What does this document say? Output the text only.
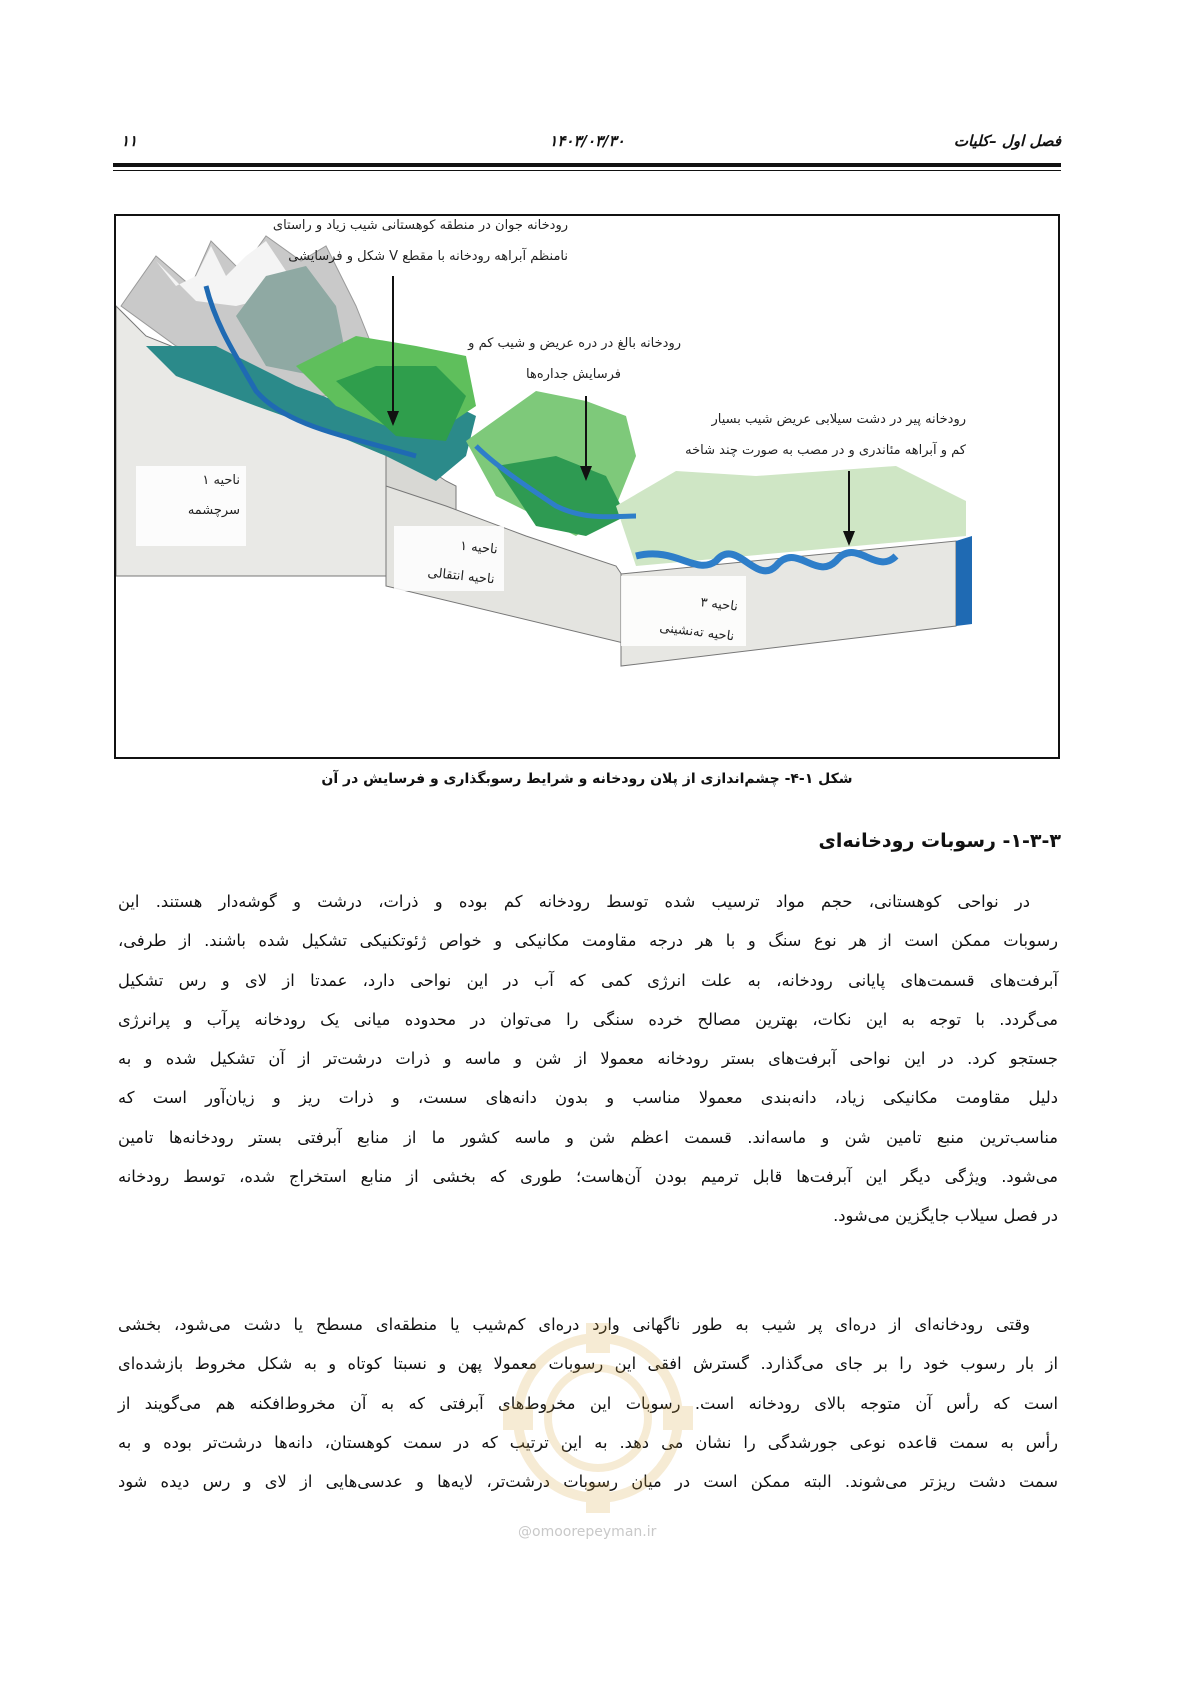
فصل اول –کلیات
۱۴۰۳/۰۳/۳۰
۱۱
رودخانه جوان در منطقه کوهستانی شیب زیاد و راستای
نامنظم آبراهه رودخانه با مقطع V شکل و فرسایشی
رودخانه بالغ در دره عریض و شیب کم و
فرسایش جداره‌ها
رودخانه پیر در دشت سیلابی عریض شیب بسیار
کم و آبراهه مئاندری و در مصب به صورت چند شاخه
ناحیه ۱
سرچشمه
ناحیه ۱
ناحیه انتقالی
ناحیه ۳
ناحیه ته‌نشینی
شکل ۱-۴- چشم‌اندازی از پلان رودخانه و شرایط رسوبگذاری و فرسایش در آن
۱-۳-۳- رسوبات رودخانه‌ای
در نواحی کوهستانی، حجم مواد ترسیب شده توسط رودخانه کم بوده و ذرات، درشت و گوشه‌دار هستند. این
رسوبات ممکن است از هر نوع سنگ و با هر درجه مقاومت مکانیکی و خواص ژئوتکنیکی تشکیل شده باشند. از طرفی،
آبرفت‌های قسمت‌های پایانی رودخانه، به علت انرژی کمی که آب در این نواحی دارد، عمدتا از لای و رس تشکیل
می‌گردد. با توجه به این نکات، بهترین مصالح خرده سنگی را می‌توان در محدوده میانی یک رودخانه پرآب و پرانرژی
جستجو کرد. در این نواحی آبرفت‌های بستر رودخانه معمولا از شن و ماسه و ذرات درشت‌تر از آن تشکیل شده و به
دلیل مقاومت مکانیکی زیاد، دانه‌بندی معمولا مناسب و بدون دانه‌های سست، و ذرات ریز و زیان‌آور است که
مناسب‌ترین منبع تامین شن و ماسه‌اند. قسمت اعظم شن و ماسه کشور ما از منابع آبرفتی بستر رودخانه‌ها تامین
می‌شود. ویژگی دیگر این آبرفت‌ها قابل ترمیم بودن آن‌هاست؛ طوری که بخشی از منابع استخراج شده، توسط رودخانه
در فصل سیلاب جایگزین می‌شود.
وقتی رودخانه‌ای از دره‌ای پر شیب به طور ناگهانی وارد دره‌ای کم‌شیب یا منطقه‌ای مسطح یا دشت می‌شود، بخشی
از بار رسوب خود را بر جای می‌گذارد. گسترش افقی این رسوبات معمولا پهن و نسبتا کوتاه و به شکل مخروط بازشده‌ای
است که رأس آن متوجه بالای رودخانه است. رسوبات این مخروط‌های آبرفتی که به آن مخروط‌افکنه هم می‌گویند از
رأس به سمت قاعده نوعی جورشدگی را نشان می دهد. به این ترتیب که در سمت کوهستان، دانه‌ها درشت‌تر بوده و به
سمت دشت ریزتر می‌شوند. البته ممکن است در میان رسوبات درشت‌تر، لایه‌ها و عدسی‌هایی از لای و رس دیده شود
@omoorepeyman.ir
